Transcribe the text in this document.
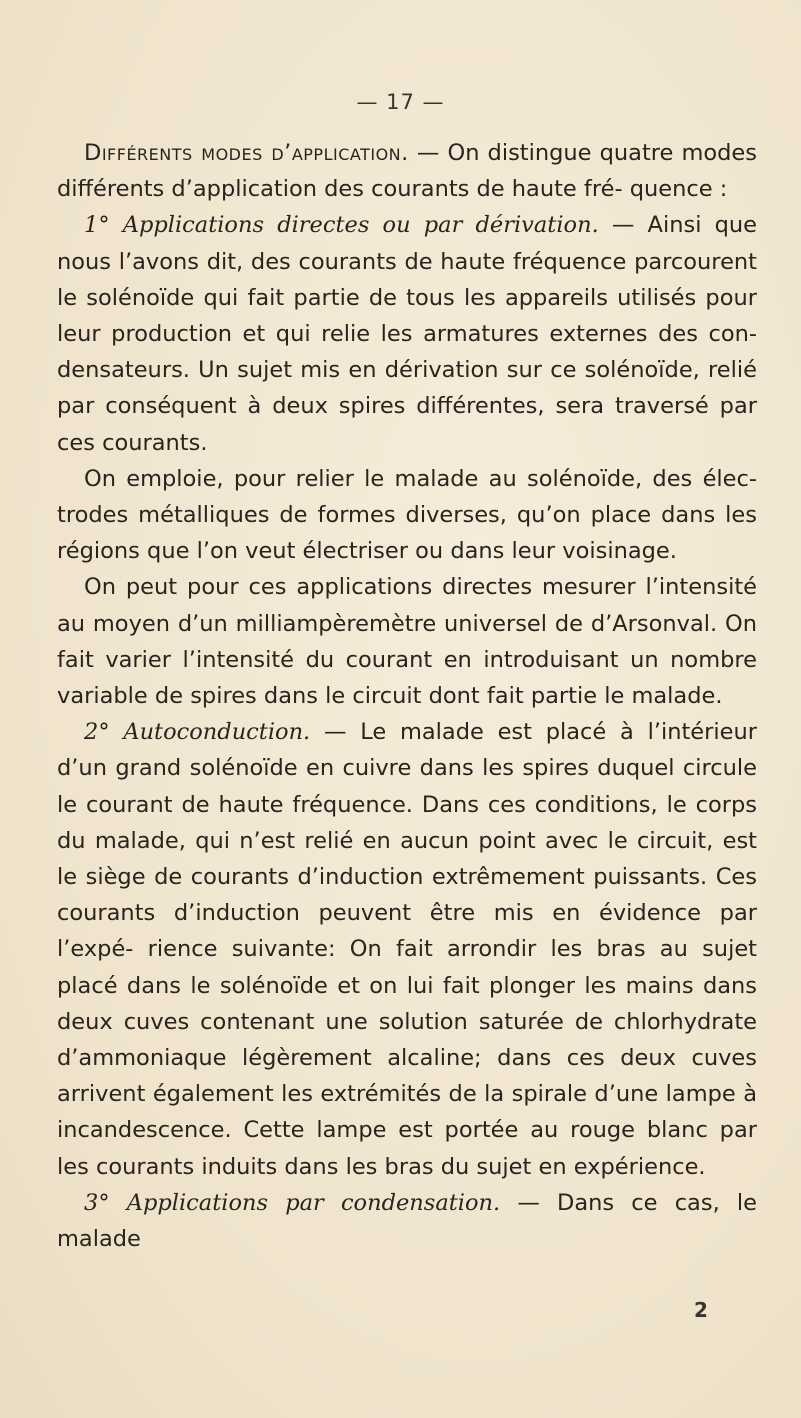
— 17 —

Différents modes d’application. — On distingue quatre modes différents d’application des courants de haute fré- quence :

1° Applications directes ou par dérivation. — Ainsi que nous l’avons dit, des courants de haute fréquence parcourent le solénoïde qui fait partie de tous les appareils utilisés pour leur production et qui relie les armatures externes des con- densateurs. Un sujet mis en dérivation sur ce solénoïde, relié par conséquent à deux spires différentes, sera traversé par ces courants.

On emploie, pour relier le malade au solénoïde, des élec- trodes métalliques de formes diverses, qu’on place dans les régions que l’on veut électriser ou dans leur voisinage.

On peut pour ces applications directes mesurer l’intensité au moyen d’un milliampèremètre universel de d’Arsonval. On fait varier l’intensité du courant en introduisant un nombre variable de spires dans le circuit dont fait partie le malade.

2° Autoconduction. — Le malade est placé à l’intérieur d’un grand solénoïde en cuivre dans les spires duquel circule le courant de haute fréquence. Dans ces conditions, le corps du malade, qui n’est relié en aucun point avec le circuit, est le siège de courants d’induction extrêmement puissants. Ces courants d’induction peuvent être mis en évidence par l’expé- rience suivante: On fait arrondir les bras au sujet placé dans le solénoïde et on lui fait plonger les mains dans deux cuves contenant une solution saturée de chlorhydrate d’ammoniaque légèrement alcaline; dans ces deux cuves arrivent également les extrémités de la spirale d’une lampe à incandescence. Cette lampe est portée au rouge blanc par les courants induits dans les bras du sujet en expérience.

3° Applications par condensation. — Dans ce cas, le malade

2
